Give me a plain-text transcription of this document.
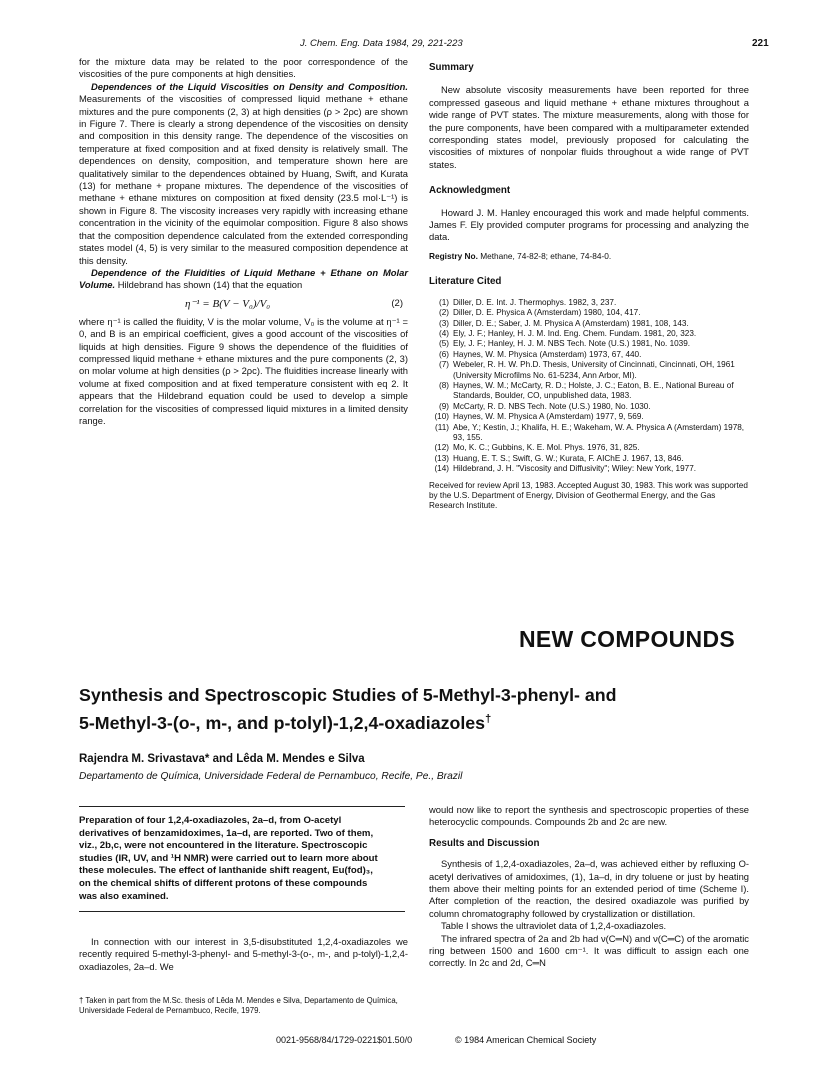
J. Chem. Eng. Data 1984, 29, 221-223	221

for the mixture data may be related to the poor correspondence of the viscosities of the pure components at high densities.

Dependences of the Liquid Viscosities on Density and Composition. Measurements of the viscosities of compressed liquid methane + ethane mixtures and the pure components (2, 3) at high densities (ρ > 2ρc) are shown in Figure 7. There is clearly a strong dependence of the viscosities on density and composition in this density range. The dependence of the viscosities on temperature at fixed composition and at fixed density is relatively small. The dependences on density, composition, and temperature shown here are qualitatively similar to the dependences obtained by Huang, Swift, and Kurata (13) for methane + propane mixtures. The dependence of the viscosities of methane + ethane mixtures on composition at fixed density (23.5 mol·L⁻¹) is shown in Figure 8. The viscosity increases very rapidly with increasing ethane concentration in the vicinity of the equimolar composition. Figure 8 also shows that the composition dependence calculated from the extended corresponding states model (4, 5) is very similar to the measured composition dependence at this density.

Dependence of the Fluidities of Liquid Methane + Ethane on Molar Volume. Hildebrand has shown (14) that the equation

η⁻¹ = B(V − V₀)/V₀	(2)

where η⁻¹ is called the fluidity, V is the molar volume, V₀ is the volume at η⁻¹ = 0, and B is an empirical coefficient, gives a good account of the viscosities of liquids at high densities. Figure 9 shows the dependence of the fluidities of compressed liquid methane + ethane mixtures and the pure components (2, 3) on molar volume at high densities (ρ > 2ρc). The fluidities increase linearly with volume at fixed composition and at fixed temperature consistent with eq 2. It appears that the Hildebrand equation could be used to develop a simple correlation for the viscosities of compressed liquid mixtures in a limited density range.

Summary

New absolute viscosity measurements have been reported for three compressed gaseous and liquid methane + ethane mixtures throughout a wide range of PVT states. The mixture measurements, along with those for the pure components, have been compared with a multiparameter extended corresponding states model, previously proposed for calculating the viscosities of mixtures of nonpolar fluids throughout a wide range of PVT states.

Acknowledgment

Howard J. M. Hanley encouraged this work and made helpful comments. James F. Ely provided computer programs for processing and analyzing the data.

Registry No. Methane, 74-82-8; ethane, 74-84-0.
Literature Cited
(1) Diller, D. E. Int. J. Thermophys. 1982, 3, 237.
(2) Diller, D. E. Physica A (Amsterdam) 1980, 104, 417.
(3) Diller, D. E.; Saber, J. M. Physica A (Amsterdam) 1981, 108, 143.
(4) Ely, J. F.; Hanley, H. J. M. Ind. Eng. Chem. Fundam. 1981, 20, 323.
(5) Ely, J. F.; Hanley, H. J. M. NBS Tech. Note (U.S.) 1981, No. 1039.
(6) Haynes, W. M. Physica (Amsterdam) 1973, 67, 440.
(7) Webeler, R. H. W. Ph.D. Thesis, University of Cincinnati, Cincinnati, OH, 1961 (University Microfilms No. 61-5234, Ann Arbor, MI).
(8) Haynes, W. M.; McCarty, R. D.; Holste, J. C.; Eaton, B. E., National Bureau of Standards, Boulder, CO, unpublished data, 1983.
(9) McCarty, R. D. NBS Tech. Note (U.S.) 1980, No. 1030.
(10) Haynes, W. M. Physica A (Amsterdam) 1977, 9, 569.
(11) Abe, Y.; Kestin, J.; Khalifa, H. E.; Wakeham, W. A. Physica A (Amsterdam) 1978, 93, 155.
(12) Mo, K. C.; Gubbins, K. E. Mol. Phys. 1976, 31, 825.
(13) Huang, E. T. S.; Swift, G. W.; Kurata, F. AIChE J. 1967, 13, 846.
(14) Hildebrand, J. H. "Viscosity and Diffusivity"; Wiley: New York, 1977.
Received for review April 13, 1983. Accepted August 30, 1983. This work was supported by the U.S. Department of Energy, Division of Geothermal Energy, and the Gas Research Institute.
NEW COMPOUNDS
Synthesis and Spectroscopic Studies of 5-Methyl-3-phenyl- and
5-Methyl-3-(o-, m-, and p-tolyl)-1,2,4-oxadiazoles†
Rajendra M. Srivastava* and Lêda M. Mendes e Silva
Departamento de Química, Universidade Federal de Pernambuco, Recife, Pe., Brazil

Preparation of four 1,2,4-oxadiazoles, 2a–d, from O-acetyl derivatives of benzamidoximes, 1a–d, are reported. Two of them, viz., 2b,c, were not encountered in the literature. Spectroscopic studies (IR, UV, and ¹H NMR) were carried out to learn more about these molecules. The effect of lanthanide shift reagent, Eu(fod)₃, on the chemical shifts of different protons of these compounds was also examined.

In connection with our interest in 3,5-disubstituted 1,2,4-oxadiazoles we recently required 5-methyl-3-phenyl- and 5-methyl-3-(o-, m-, and p-tolyl)-1,2,4-oxadiazoles, 2a–d. We

† Taken in part from the M.Sc. thesis of Lêda M. Mendes e Silva, Departamento de Química, Universidade Federal de Pernambuco, Recife, 1979.

would now like to report the synthesis and spectroscopic properties of these heterocyclic compounds. Compounds 2b and 2c are new.

Results and Discussion

Synthesis of 1,2,4-oxadiazoles, 2a–d, was achieved either by refluxing O-acetyl derivatives of amidoximes, (1), 1a–d, in dry toluene or just by heating them above their melting points for an extended period of time (Scheme I). After completion of the reaction, the desired oxadiazole was purified by column chromatography followed by crystallization or distillation.

Table I shows the ultraviolet data of 1,2,4-oxadiazoles.

The infrared spectra of 2a and 2b had ν(C═N) and ν(C═C) of the aromatic ring between 1500 and 1600 cm⁻¹. It was difficult to assign each one correctly. In 2c and 2d, C═N

0021-9568/84/1729-0221$01.50/0	© 1984 American Chemical Society
